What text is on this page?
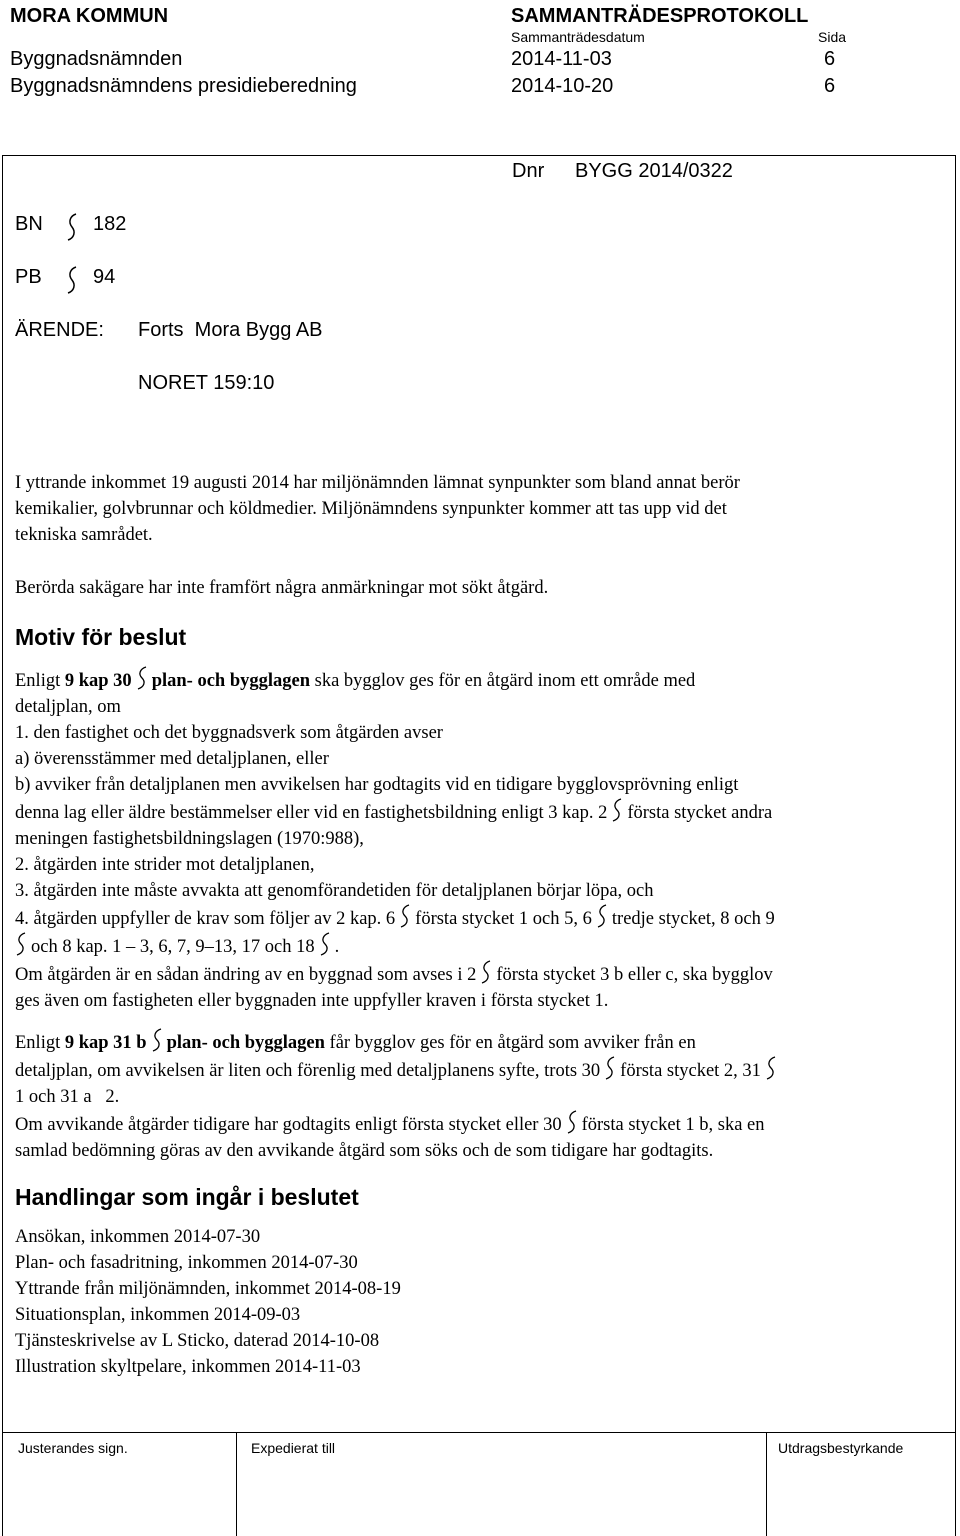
MORA KOMMUN	SAMMANTRÄDESPROTOKOLL
Sammanträdesdatum	Sida
Byggnadsnämnden	2014-11-03	6
Byggnadsnämndens presidieberedning	2014-10-20	6
Dnr BYGG 2014/0322
BN	182
PB	94
ÄRENDE: Forts  Mora Bygg AB
NORET 159:10
I yttrande inkommet 19 augusti 2014 har miljönämnden lämnat synpunkter som bland annat berör
kemikalier, golvbrunnar och köldmedier. Miljönämndens synpunkter kommer att tas upp vid det
tekniska samrådet.
Berörda sakägare har inte framfört några anmärkningar mot sökt åtgärd.
Motiv för beslut
Enligt 9 kap 30 plan- och bygglagen ska bygglov ges för en åtgärd inom ett område med
detaljplan, om
1. den fastighet och det byggnadsverk som åtgärden avser
a) överensstämmer med detaljplanen, eller
b) avviker från detaljplanen men avvikelsen har godtagits vid en tidigare bygglovsprövning enligt
denna lag eller äldre bestämmelser eller vid en fastighetsbildning enligt 3 kap. 2 första stycket andra
meningen fastighetsbildningslagen (1970:988),
2. åtgärden inte strider mot detaljplanen,
3. åtgärden inte måste avvakta att genomförandetiden för detaljplanen börjar löpa, och
4. åtgärden uppfyller de krav som följer av 2 kap. 6 första stycket 1 och 5, 6 tredje stycket, 8 och 9
och 8 kap. 1 – 3, 6, 7, 9–13, 17 och 18 .
Om åtgärden är en sådan ändring av en byggnad som avses i 2 första stycket 3 b eller c, ska bygglov
ges även om fastigheten eller byggnaden inte uppfyller kraven i första stycket 1.
Enligt 9 kap 31 b plan- och bygglagen får bygglov ges för en åtgärd som avviker från en
detaljplan, om avvikelsen är liten och förenlig med detaljplanens syfte, trots 30 första stycket 2, 31
1 och 31 a   2.
Om avvikande åtgärder tidigare har godtagits enligt första stycket eller 30 första stycket 1 b, ska en
samlad bedömning göras av den avvikande åtgärd som söks och de som tidigare har godtagits.
Handlingar som ingår i beslutet
Ansökan, inkommen 2014-07-30
Plan- och fasadritning, inkommen 2014-07-30
Yttrande från miljönämnden, inkommet 2014-08-19
Situationsplan, inkommen 2014-09-03
Tjänsteskrivelse av L Sticko, daterad 2014-10-08
Illustration skyltpelare, inkommen 2014-11-03
Justerandes sign.	Expedierat till	Utdragsbestyrkande
